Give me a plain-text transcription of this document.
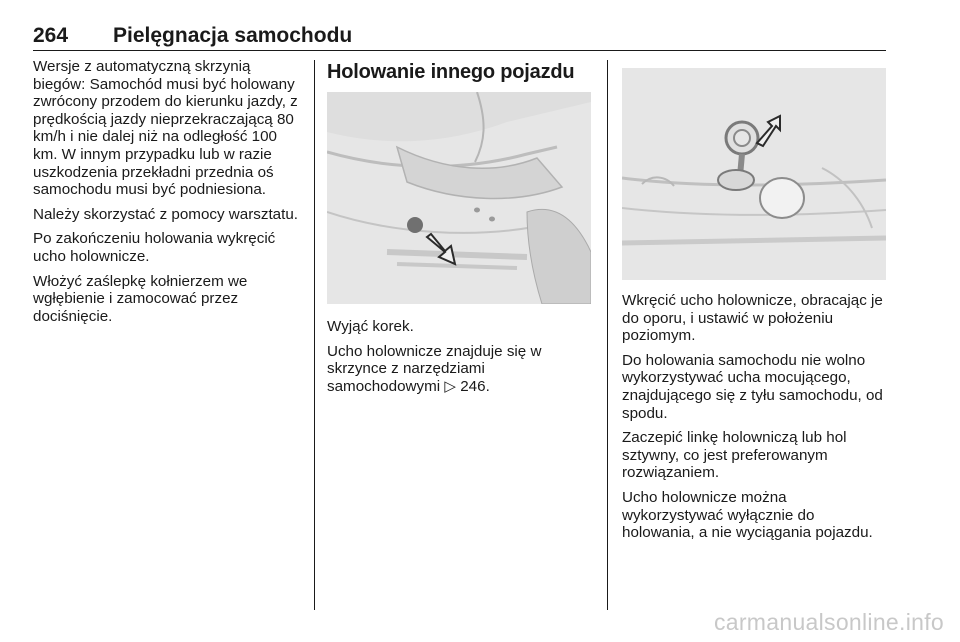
264 Pielęgnacja samochodu

Wersje z automatyczną skrzynią biegów: Samochód musi być holowany zwrócony przodem do kierunku jazdy, z prędkością jazdy nieprzekraczającą 80 km/h i nie dalej niż na odległość 100 km. W innym przypadku lub w razie uszkodzenia przekładni przednia oś samochodu musi być podniesiona.

Należy skorzystać z pomocy warsztatu.

Po zakończeniu holowania wykręcić ucho holownicze.

Włożyć zaślepkę kołnierzem we wgłębienie i zamocować przez dociśnięcie.

Holowanie innego pojazdu

Wyjąć korek.

Ucho holownicze znajduje się w skrzynce z narzędziami samochodowymi ▷ 246.

Wkręcić ucho holownicze, obracając je do oporu, i ustawić w położeniu poziomym.

Do holowania samochodu nie wolno wykorzystywać ucha mocującego, znajdującego się z tyłu samochodu, od spodu.

Zaczepić linkę holowniczą lub hol sztywny, co jest preferowanym rozwiązaniem.

Ucho holownicze można wykorzystywać wyłącznie do holowania, a nie wyciągania pojazdu.

carmanualsonline.info
